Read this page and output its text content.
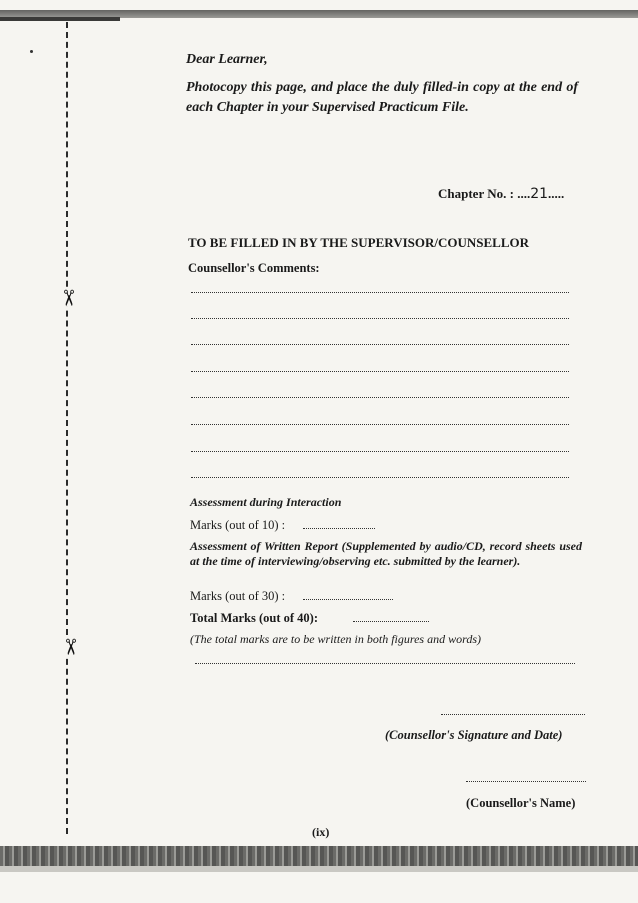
✂
✂
Dear Learner,
Photocopy this page, and place the duly filled-in copy at the end of each Chapter in your Supervised Practicum File.
Chapter No. : ....21.....
TO BE FILLED IN BY THE SUPERVISOR/COUNSELLOR
Counsellor's Comments:
Assessment during Interaction
Marks (out of 10) :
Assessment of Written Report (Supplemented by audio/CD, record sheets used at the time of interviewing/observing etc. submitted by the learner).
Marks (out of 30) :
Total Marks (out of 40):
(The total marks are to be written in both figures and words)
(Counsellor's Signature and Date)
(Counsellor's Name)
(ix)
